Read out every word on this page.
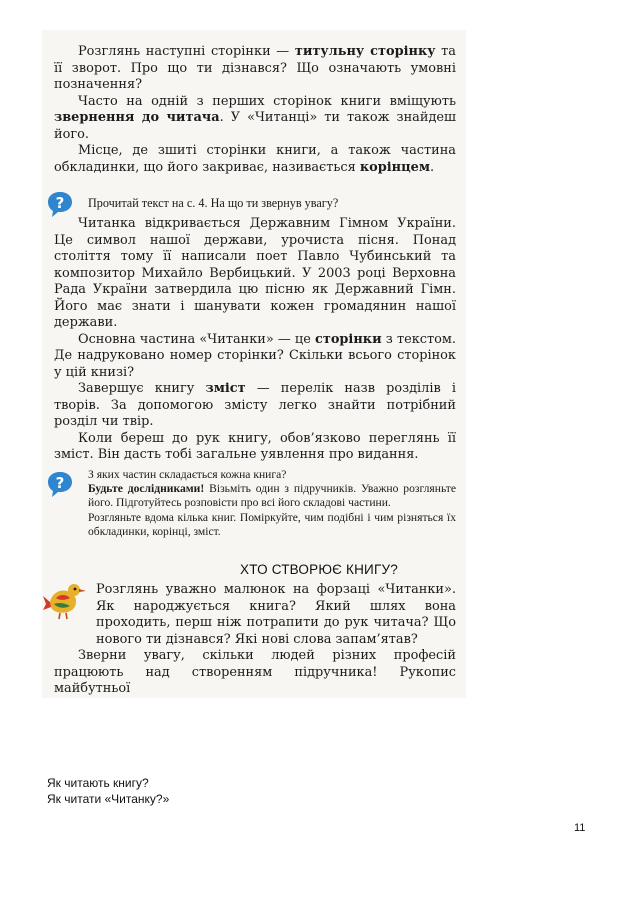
Розглянь наступні сторінки — титульну сторінку та її зворот. Про що ти дізнався? Що означають умовні позначення?

Часто на одній з перших сторінок книги вміщують звернення до читача. У «Читанці» ти також знайдеш його.

Місце, де зшиті сторінки книги, а також частина обкладинки, що його закриває, називається корінцем.

? Прочитай текст на с. 4. На що ти звернув увагу?

Читанка відкривається Державним Гімном України. Це символ нашої держави, урочиста пісня. Понад століття тому її написали поет Павло Чубинський та композитор Михайло Вербицький. У 2003 році Верховна Рада України затвердила цю пісню як Державний Гімн. Його має знати і шанувати кожен громадянин нашої держави.

Основна частина «Читанки» — це сторінки з текстом. Де надруковано номер сторінки? Скільки всього сторінок у цій книзі?

Завершує книгу зміст — перелік назв розділів і творів. За допомогою змісту легко знайти потрібний розділ чи твір.

Коли береш до рук книгу, обов’язково переглянь її зміст. Він дасть тобі загальне уявлення про видання.

? З яких частин складається кожна книга?
Будьте дослідниками! Візьміть один з підручників. Уважно розгляньте його. Підготуйтесь розповісти про всі його складові частини.
Розгляньте вдома кілька книг. Поміркуйте, чим подібні і чим різняться їх обкладинки, корінці, зміст.
ХТО СТВОРЮЄ КНИГУ?

Розглянь уважно малюнок на форзаці «Читанки». Як народжується книга? Який шлях вона проходить, перш ніж потрапити до рук читача? Що нового ти дізнався? Які нові слова запам’ятав?

Зверни увагу, скільки людей різних професій працюють над створенням підручника! Рукопис майбутньої

Як читають книгу?
Як читати «Читанку?»
11
